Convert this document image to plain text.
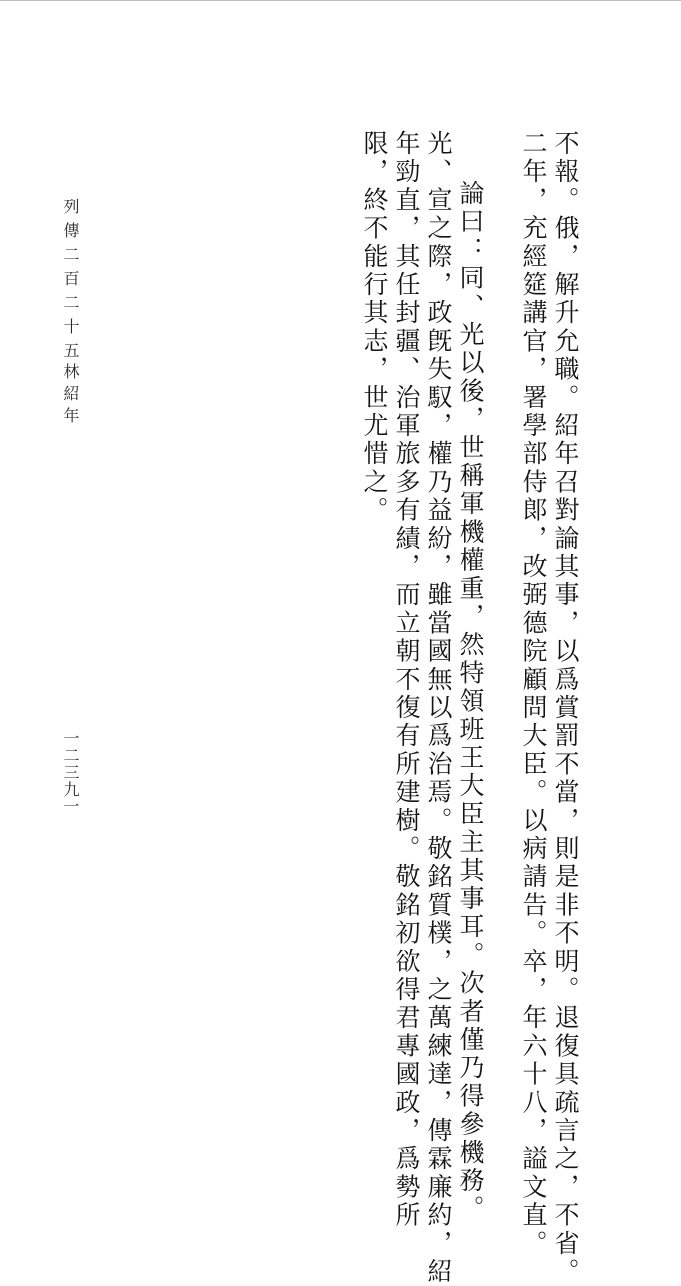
不報。俄，解升允職。紹年召對論其事，以爲賞罰不當，則是非不明。退復具疏言之，不省。
二年，充經筵講官，署學部侍郞，改弼德院顧問大臣。以病請告。卒，年六十八，謚文直。
論曰：同、光以後，世稱軍機權重，然特領班王大臣主其事耳。次者僅乃得參機務。
光、宣之際，政旣失馭，權乃益紛，雖當國無以爲治焉。敬銘質樸，之萬練達，傳霖廉約，紹
年勁直，其任封疆、治軍旅多有績，而立朝不復有所建樹。敬銘初欲得君專國政，爲勢所
限，終不能行其志，世尤惜之。
列傳二百二十五
林紹年
一二三九一
